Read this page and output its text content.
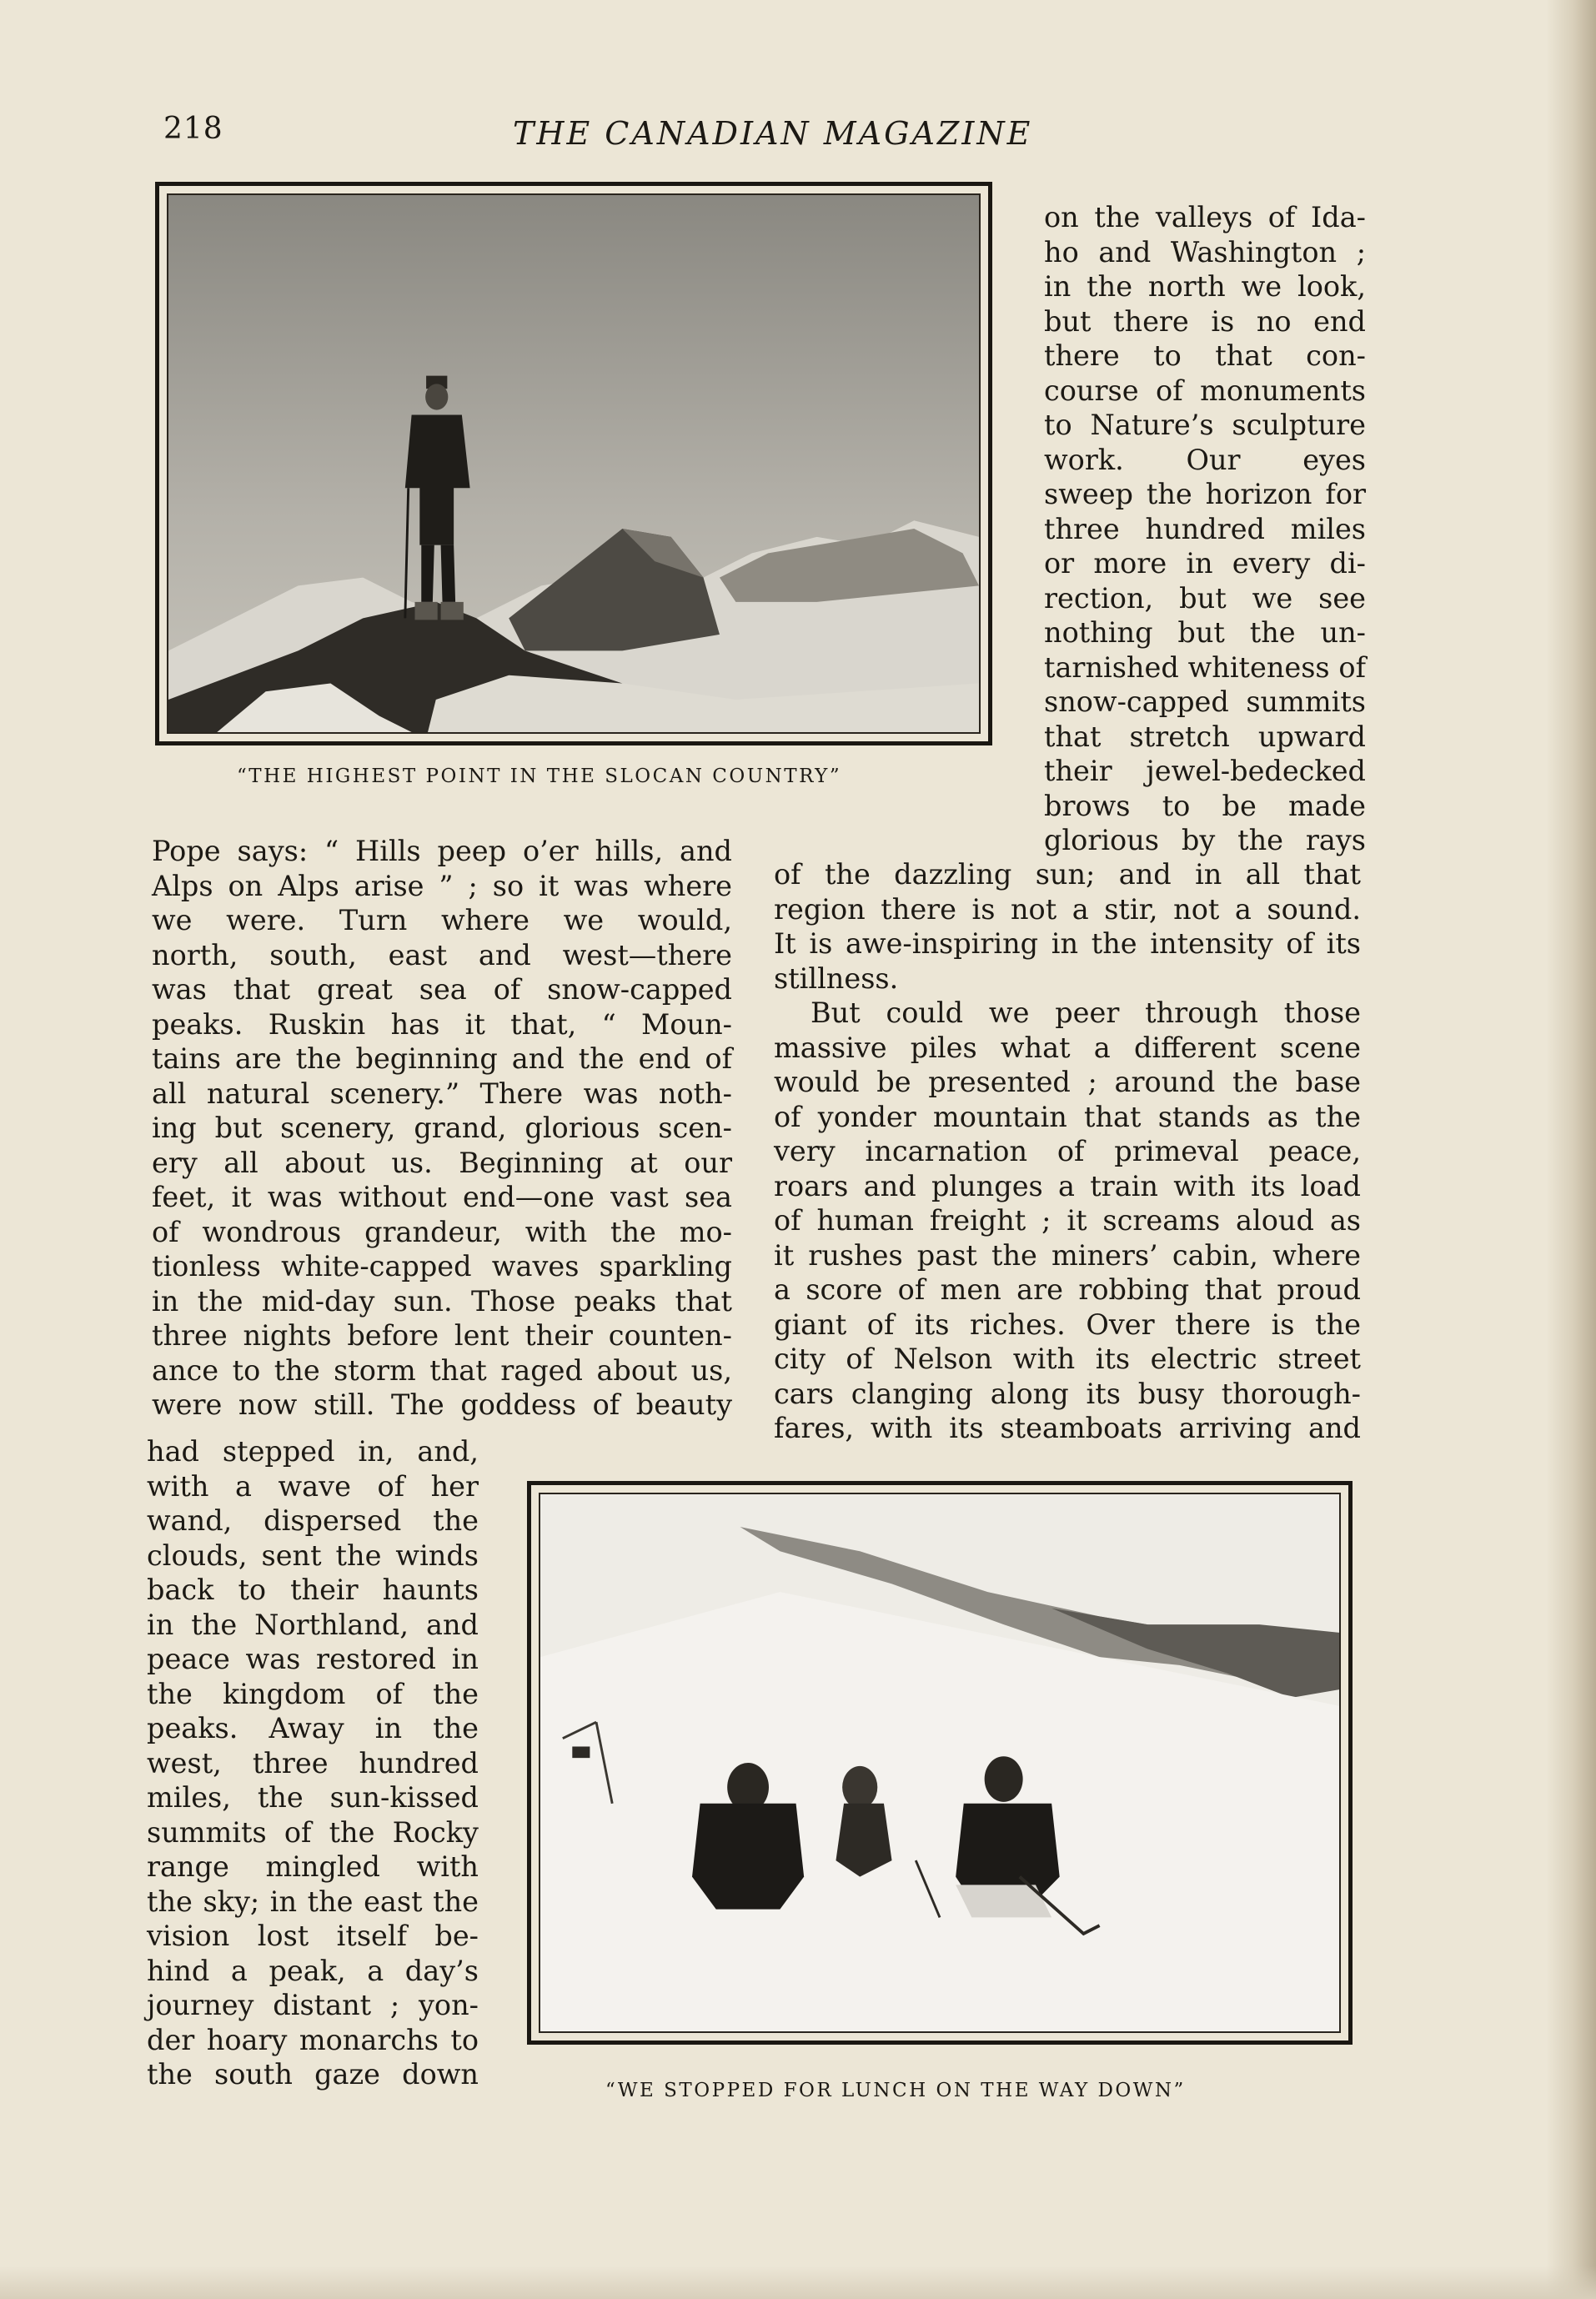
218	THE CANADIAN MAGAZINE
“THE HIGHEST POINT IN THE SLOCAN COUNTRY”
on the valleys of Ida-
ho and Washington ;
in the north we look,
but there is no end
there to that con-
course of monuments
to Nature’s sculpture
work. Our eyes
sweep the horizon for
three hundred miles
or more in every di-
rection, but we see
nothing but the un-
tarnished whiteness of
snow-capped summits
that stretch upward
their jewel-bedecked
brows to be made
glorious by the rays
of the dazzling sun; and in all that
region there is not a stir, not a sound.
It is awe-inspiring in the intensity of its
stillness.
But could we peer through those
massive piles what a different scene
would be presented ; around the base
of yonder mountain that stands as the
very incarnation of primeval peace,
roars and plunges a train with its load
of human freight ; it screams aloud as
it rushes past the miners’ cabin, where
a score of men are robbing that proud
giant of its riches. Over there is the
city of Nelson with its electric street
cars clanging along its busy thorough-
fares, with its steamboats arriving and
Pope says: “ Hills peep o’er hills, and
Alps on Alps arise ” ; so it was where
we were. Turn where we would,
north, south, east and west—there
was that great sea of snow-capped
peaks. Ruskin has it that, “ Moun-
tains are the beginning and the end of
all natural scenery.” There was noth-
ing but scenery, grand, glorious scen-
ery all about us. Beginning at our
feet, it was without end—one vast sea
of wondrous grandeur, with the mo-
tionless white-capped waves sparkling
in the mid-day sun. Those peaks that
three nights before lent their counten-
ance to the storm that raged about us,
were now still. The goddess of beauty
had stepped in, and,
with a wave of her
wand, dispersed the
clouds, sent the winds
back to their haunts
in the Northland, and
peace was restored in
the kingdom of the
peaks. Away in the
west, three hundred
miles, the sun-kissed
summits of the Rocky
range mingled with
the sky; in the east the
vision lost itself be-
hind a peak, a day’s
journey distant ; yon-
der hoary monarchs to
the south gaze down	“WE STOPPED FOR LUNCH ON THE WAY DOWN”
